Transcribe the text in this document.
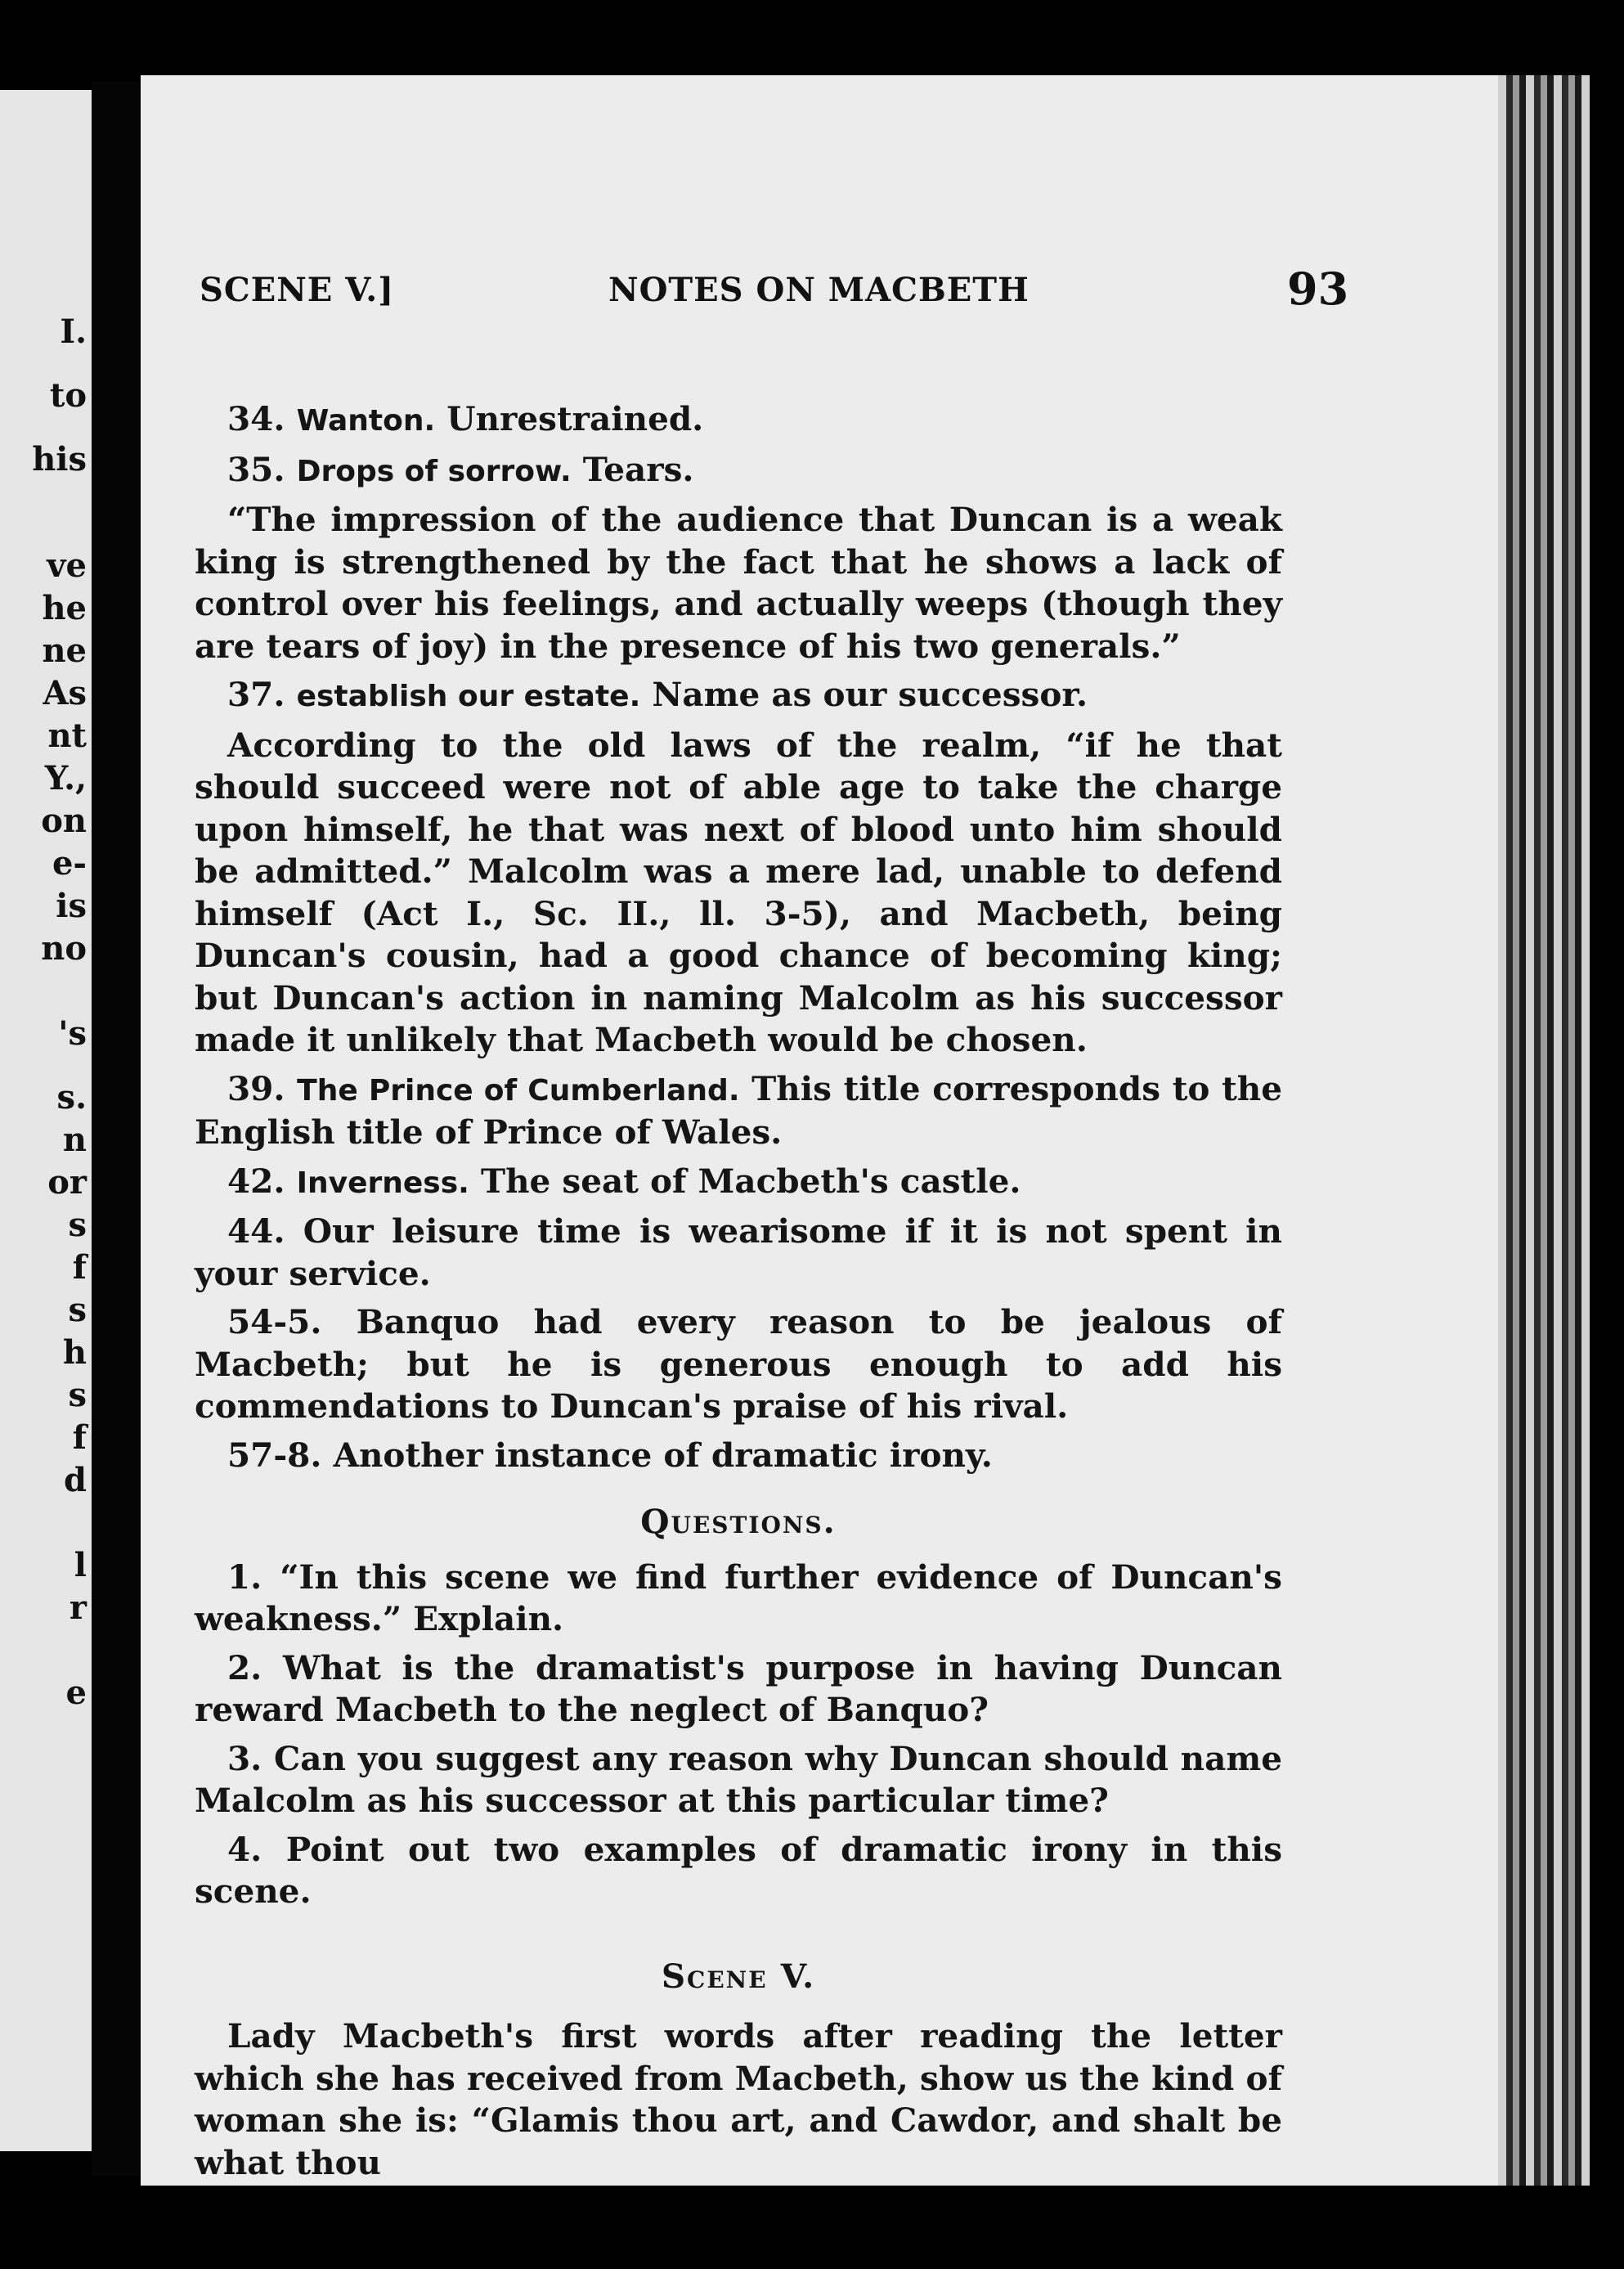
I.
to
his
ve
he
ne
As
nt
Y.,
on
e-
is
no
's
s.
n
or
s
f
s
h
s
f
d
l
r
e
SCENE V.]	NOTES ON MACBETH	93
34. Wanton. Unrestrained.
35. Drops of sorrow. Tears.
“The impression of the audience that Duncan is a weak king is strengthened by the fact that he shows a lack of control over his feelings, and actually weeps (though they are tears of joy) in the presence of his two generals.”
37. establish our estate. Name as our successor.
According to the old laws of the realm, “if he that should succeed were not of able age to take the charge upon himself, he that was next of blood unto him should be admitted.” Malcolm was a mere lad, unable to defend himself (Act I., Sc. II., ll. 3-5), and Macbeth, being Duncan's cousin, had a good chance of becoming king; but Duncan's action in naming Malcolm as his successor made it unlikely that Macbeth would be chosen.
39. The Prince of Cumberland. This title corresponds to the English title of Prince of Wales.
42. Inverness. The seat of Macbeth's castle.
44. Our leisure time is wearisome if it is not spent in your service.
54-5. Banquo had every reason to be jealous of Macbeth; but he is generous enough to add his commendations to Duncan's praise of his rival.
57-8. Another instance of dramatic irony.
Questions.
1. “In this scene we find further evidence of Duncan's weakness.” Explain.
2. What is the dramatist's purpose in having Duncan reward Macbeth to the neglect of Banquo?
3. Can you suggest any reason why Duncan should name Malcolm as his successor at this particular time?
4. Point out two examples of dramatic irony in this scene.
Scene V.
Lady Macbeth's first words after reading the letter which she has received from Macbeth, show us the kind of woman she is: “Glamis thou art, and Cawdor, and shalt be what thou
